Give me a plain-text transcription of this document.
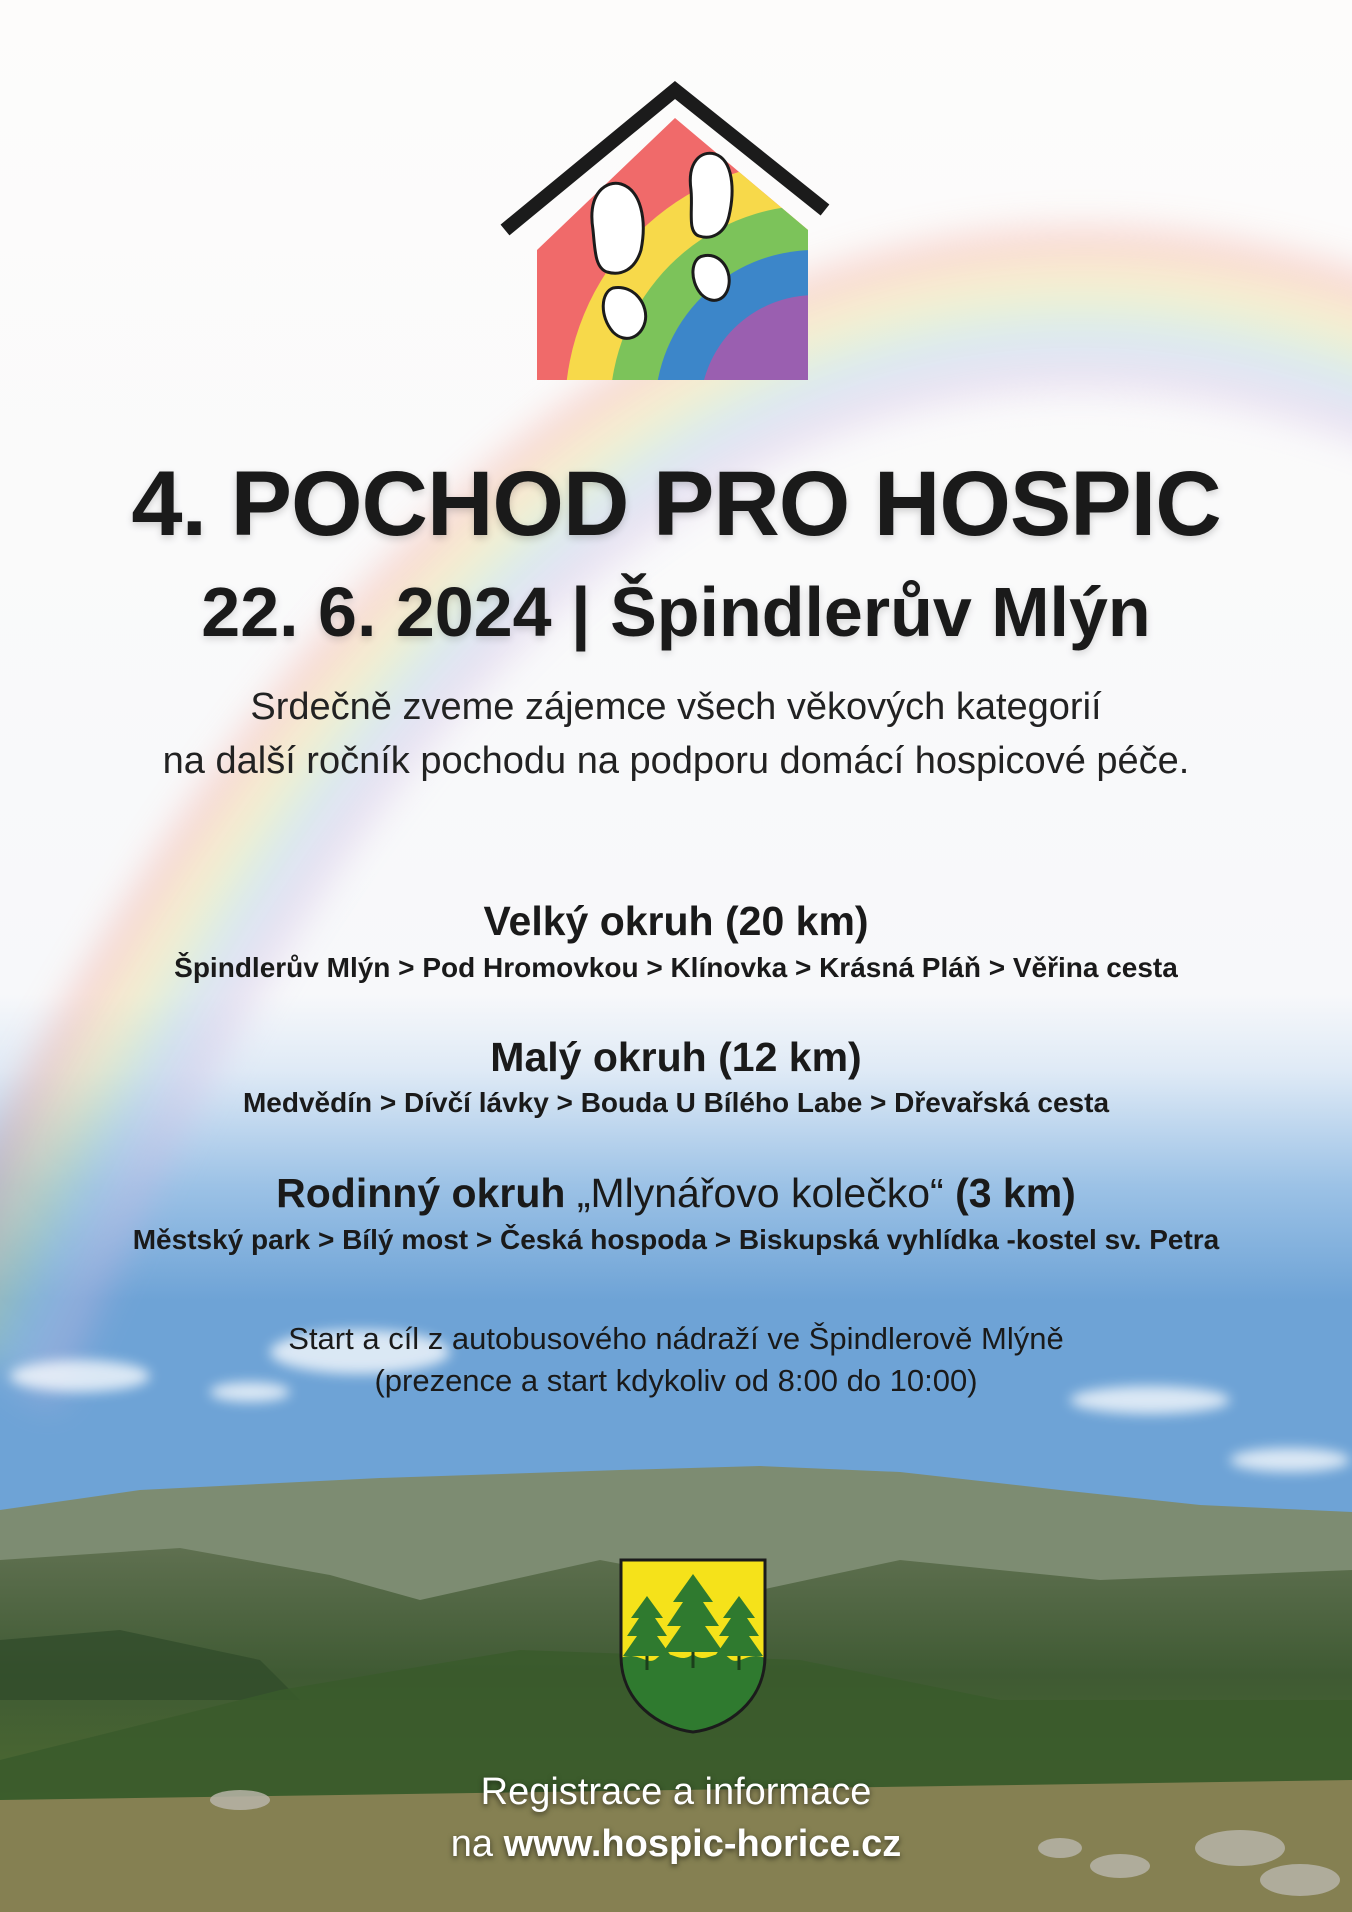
4. POCHOD PRO HOSPIC
22. 6. 2024 | Špindlerův Mlýn
Srdečně zveme zájemce všech věkových kategorií
na další ročník pochodu na podporu domácí hospicové péče.
Velký okruh (20 km)
Špindlerův Mlýn > Pod Hromovkou > Klínovka > Krásná Pláň > Věřina cesta
Malý okruh (12 km)
Medvědín > Dívčí lávky > Bouda U Bílého Labe > Dřevařská cesta
Rodinný okruh „Mlynářovo kolečko“ (3 km)
Městský park > Bílý most > Česká hospoda > Biskupská vyhlídka -kostel sv. Petra
Start a cíl z autobusového nádraží ve Špindlerově Mlýně
(prezence a start kdykoliv od 8:00 do 10:00)
Registrace a informace
na www.hospic-horice.cz
